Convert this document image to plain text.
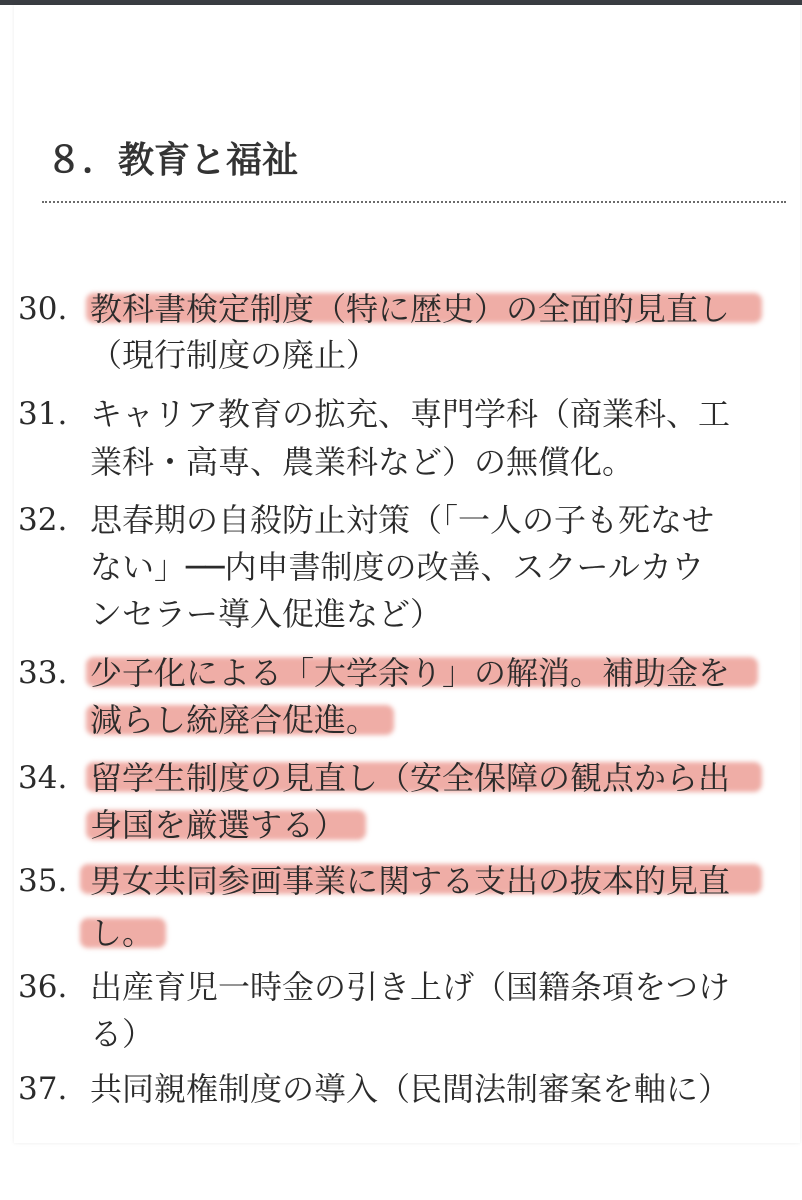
８．教育と福祉
30. 教科書検定制度（特に歴史）の全面的見直し
（現行制度の廃止）
31. キャリア教育の拡充、専門学科（商業科、工
業科・高専、農業科など）の無償化。
32. 思春期の自殺防止対策（「一人の子も死なせ
ない」──内申書制度の改善、スクールカウ
ンセラー導入促進など）
33. 少子化による「大学余り」の解消。補助金を
減らし統廃合促進。
34. 留学生制度の見直し（安全保障の観点から出
身国を厳選する）
35. 男女共同参画事業に関する支出の抜本的見直
し。
36. 出産育児一時金の引き上げ（国籍条項をつけ
る）
37. 共同親権制度の導入（民間法制審案を軸に）
